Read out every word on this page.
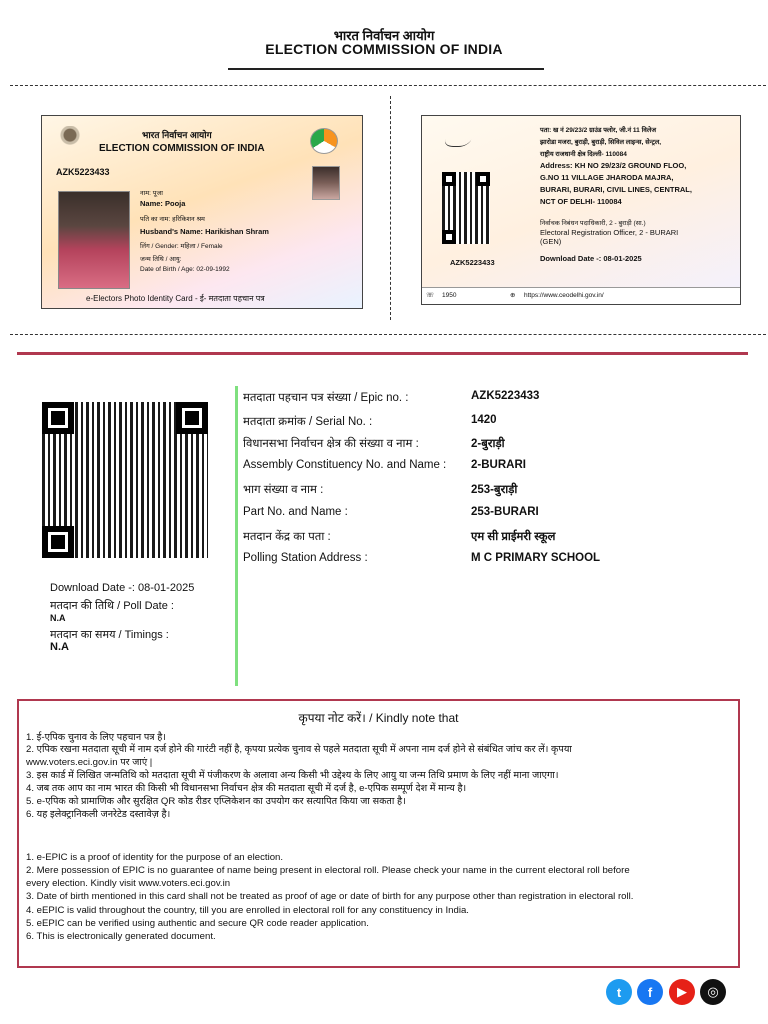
भारत निर्वाचन आयोग
ELECTION COMMISSION OF INDIA
भारत निर्वाचन आयोग
ELECTION COMMISSION OF INDIA
AZK5223433
नाम: पूजा
Name: Pooja
पति का नाम: हरिकिशन श्रम
Husband's Name: Harikishan Shram
लिंग / Gender: महिला / Female
जन्म तिथि / आयु:
Date of Birth / Age: 02-09-1992
e-Electors Photo Identity Card - ई- मतदाता पहचान पत्र
पता: ख नं 29/23/2 ग्राउंड फ्लोर, जी.नं 11 विलेज
झारोडा मजरा, बुराड़ी, बुराड़ी, सिविल लाइन्स, सेन्ट्रल,
राष्ट्रीय राजधानी क्षेत्र दिल्ली- 110084
Address: KH NO 29/23/2 GROUND FLOO,
G.NO 11 VILLAGE JHARODA MAJRA,
BURARI, BURARI, CIVIL LINES, CENTRAL,
NCT OF DELHI- 110084
निर्वाचक निबंधन पदाधिकारी, 2 - बुराड़ी (सा.)
Electoral Registration Officer, 2 - BURARI
(GEN)
Download Date -: 08-01-2025
AZK5223433
☏ 1950	⊕ https://www.ceodelhi.gov.in/
Download Date -: 08-01-2025
मतदान की तिथि / Poll Date :
N.A
मतदान का समय / Timings :
N.A
मतदाता पहचान पत्र संख्या / Epic no. :	AZK5223433
मतदाता क्रमांक / Serial No. :	1420
विधानसभा निर्वाचन क्षेत्र की संख्या व नाम :	2-बुराड़ी
Assembly Constituency No. and Name : 2-BURARI
भाग संख्या व नाम :	253-बुराड़ी
Part No. and Name :	253-BURARI
मतदान केंद्र का पता :	एम सी प्राईमरी स्कूल
Polling Station Address :	M C PRIMARY SCHOOL
कृपया नोट करें। / Kindly note that
1. ई-एपिक चुनाव के लिए पहचान पत्र है।
2. एपिक रखना मतदाता सूची में नाम दर्ज होने की गारंटी नहीं है, कृपया प्रत्येक चुनाव से पहले मतदाता सूची में अपना नाम दर्ज होने से संबंधित जांच कर लें। कृपया
www.voters.eci.gov.in पर जाएं |
3. इस कार्ड में लिखित जन्मतिथि को मतदाता सूची में पंजीकरण के अलावा अन्य किसी भी उद्देश्य के लिए आयु या जन्म तिथि प्रमाण के लिए नहीं माना जाएगा।
4. जब तक आप का नाम भारत की किसी भी विधानसभा निर्वाचन क्षेत्र की मतदाता सूची में दर्ज है, e-एपिक सम्पूर्ण देश में मान्य है।
5. e-एपिक को प्रामाणिक और सुरक्षित QR कोड रीडर एप्लिकेशन का उपयोग कर सत्यापित किया जा सकता है।
6. यह इलेक्ट्रानिकली जनरेटेड दस्तावेज़ है।
1. e-EPIC is a proof of identity for the purpose of an election.
2. Mere possession of EPIC is no guarantee of name being present in electoral roll. Please check your name in the current electoral roll before
every election. Kindly visit www.voters.eci.gov.in
3. Date of birth mentioned in this card shall not be treated as proof of age or date of birth for any purpose other than registration in electoral roll.
4. eEPIC is valid throughout the country, till you are enrolled in electoral roll for any constituency in India.
5. eEPIC can be verified using authentic and secure QR code reader application.
6. This is electronically generated document.
t	f	▶	◎
